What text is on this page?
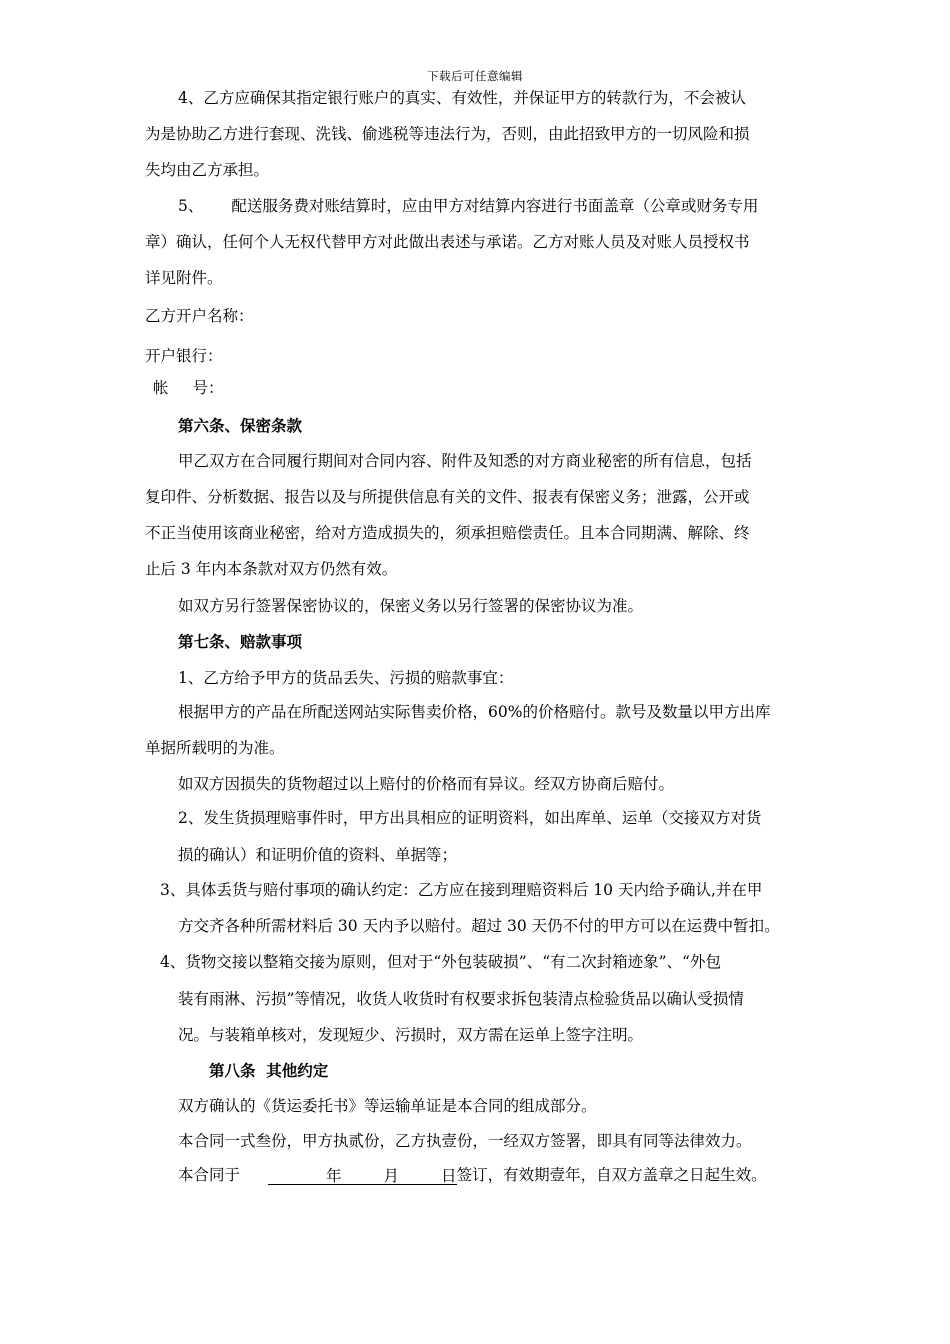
下载后可任意编辑
4、乙方应确保其指定银行账户的真实、有效性，并保证甲方的转款行为，不会被认
为是协助乙方进行套现、洗钱、偷逃税等违法行为，否则，由此招致甲方的一切风险和损
失均由乙方承担。
5、 配送服务费对账结算时，应由甲方对结算内容进行书面盖章（公章或财务专用
章）确认，任何个人无权代替甲方对此做出表述与承诺。乙方对账人员及对账人员授权书
详见附件。
乙方开户名称：
开户银行：
帐 号：
第六条、保密条款
甲乙双方在合同履行期间对合同内容、附件及知悉的对方商业秘密的所有信息，包括
复印件、分析数据、报告以及与所提供信息有关的文件、报表有保密义务；泄露，公开或
不正当使用该商业秘密，给对方造成损失的，须承担赔偿责任。且本合同期满、解除、终
止后 3 年内本条款对双方仍然有效。
如双方另行签署保密协议的，保密义务以另行签署的保密协议为准。
第七条、赔款事项
1、乙方给予甲方的货品丢失、污损的赔款事宜：
根据甲方的产品在所配送网站实际售卖价格，60%的价格赔付。款号及数量以甲方出库
单据所载明的为准。
如双方因损失的货物超过以上赔付的价格而有异议。经双方协商后赔付。
2、发生货损理赔事件时，甲方出具相应的证明资料，如出库单、运单（交接双方对货
损的确认）和证明价值的资料、单据等；
3、具体丢货与赔付事项的确认约定：乙方应在接到理赔资料后 10 天内给予确认,并在甲
方交齐各种所需材料后 30 天内予以赔付。超过 30 天仍不付的甲方可以在运费中暂扣。
4、货物交接以整箱交接为原则，但对于“外包装破损”、“有二次封箱迹象”、“外包
装有雨淋、污损”等情况，收货人收货时有权要求拆包装清点检验货品以确认受损情
况。与装箱单核对，发现短少、污损时，双方需在运单上签字注明。
第八条  其他约定
双方确认的《货运委托书》等运输单证是本合同的组成部分。
本合同一式叁份，甲方执贰份，乙方执壹份，一经双方签署，即具有同等法律效力。
本合同于	年	月	日签订，有效期壹年，自双方盖章之日起生效。
